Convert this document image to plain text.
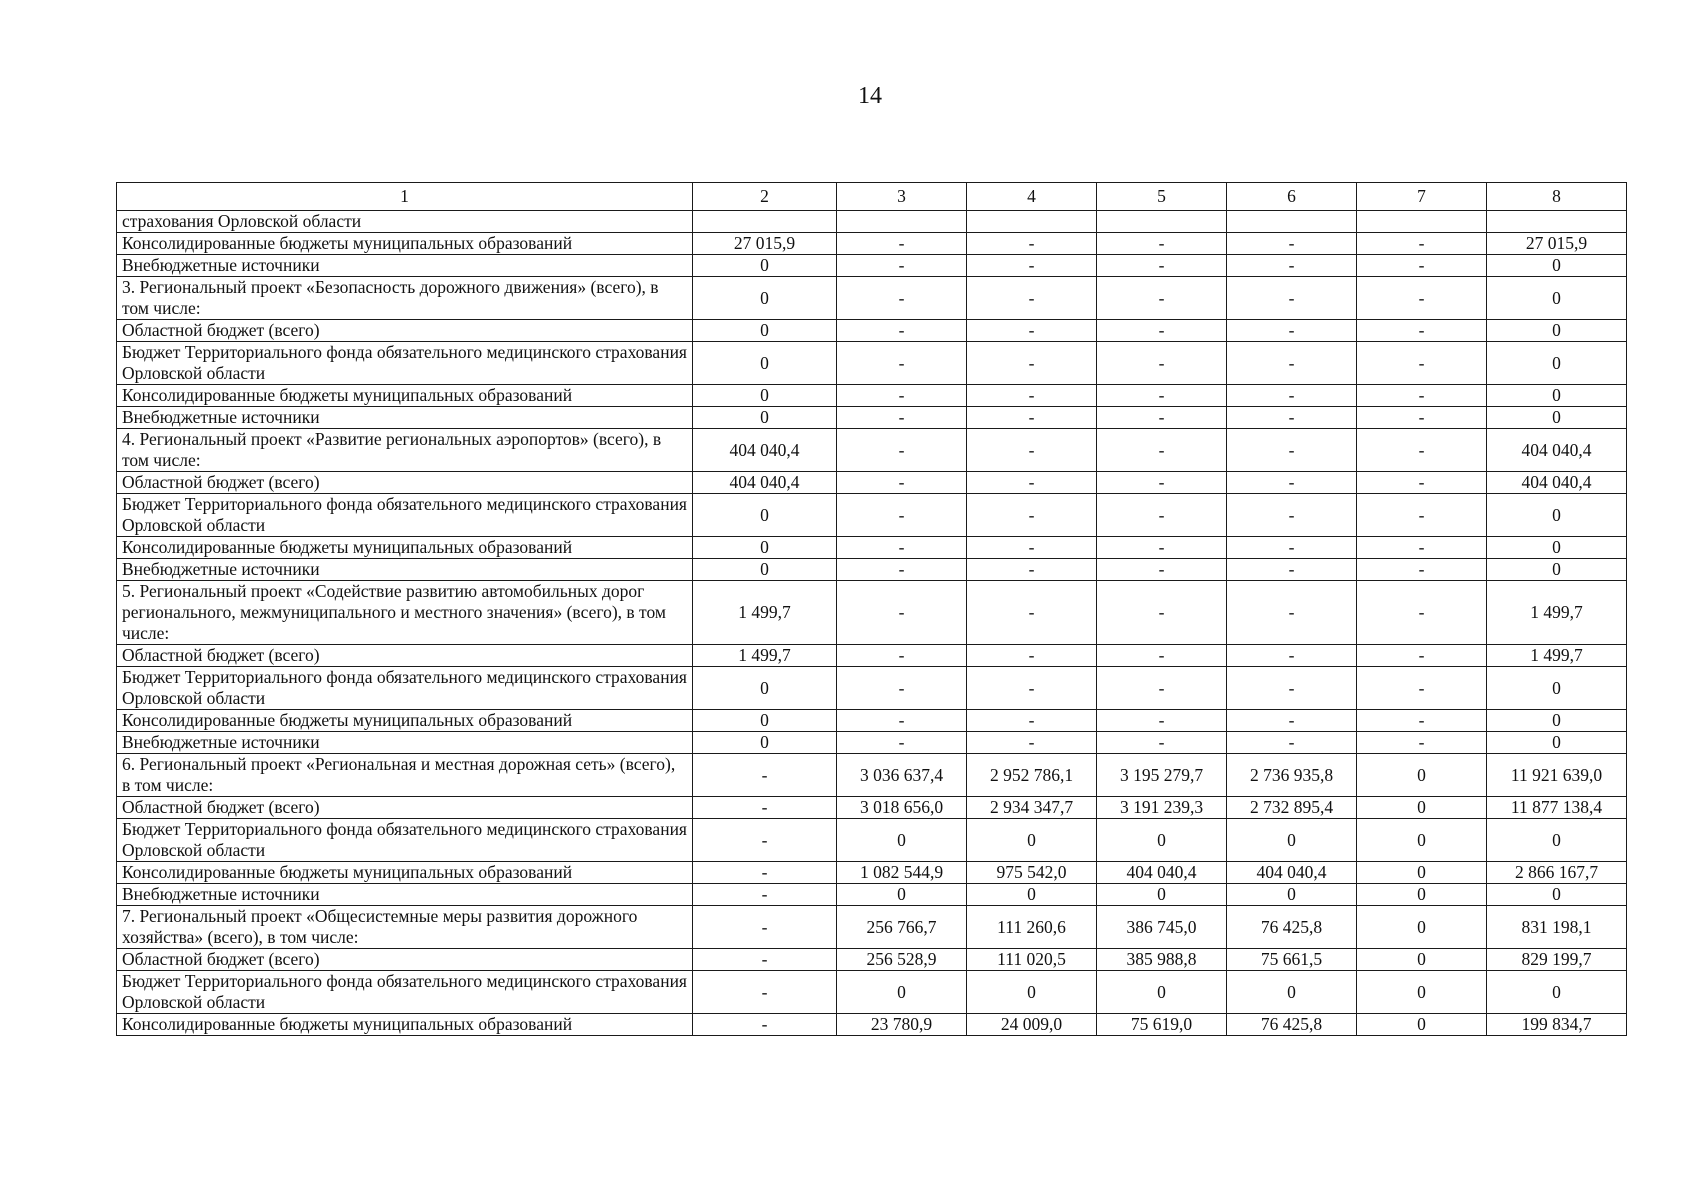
14
1	2	3	4	5	6	7	8
страхования Орловской области							
Консолидированные бюджеты муниципальных образований	27 015,9	-	-	-	-	-	27 015,9
Внебюджетные источники	0	-	-	-	-	-	0
3. Региональный проект «Безопасность дорожного движения» (всего), в том числе:	0	-	-	-	-	-	0
Областной бюджет (всего)	0	-	-	-	-	-	0
Бюджет Территориального фонда обязательного медицинского страхования Орловской области	0	-	-	-	-	-	0
Консолидированные бюджеты муниципальных образований	0	-	-	-	-	-	0
Внебюджетные источники	0	-	-	-	-	-	0
4. Региональный проект «Развитие региональных аэропортов» (всего), в том числе:	404 040,4	-	-	-	-	-	404 040,4
Областной бюджет (всего)	404 040,4	-	-	-	-	-	404 040,4
Бюджет Территориального фонда обязательного медицинского страхования Орловской области	0	-	-	-	-	-	0
Консолидированные бюджеты муниципальных образований	0	-	-	-	-	-	0
Внебюджетные источники	0	-	-	-	-	-	0
5. Региональный проект «Содействие развитию автомобильных дорог регионального, межмуниципального и местного значения» (всего), в том числе:	1 499,7	-	-	-	-	-	1 499,7
Областной бюджет (всего)	1 499,7	-	-	-	-	-	1 499,7
Бюджет Территориального фонда обязательного медицинского страхования Орловской области	0	-	-	-	-	-	0
Консолидированные бюджеты муниципальных образований	0	-	-	-	-	-	0
Внебюджетные источники	0	-	-	-	-	-	0
6. Региональный проект «Региональная и местная дорожная сеть» (всего), в том числе:	-	3 036 637,4	2 952 786,1	3 195 279,7	2 736 935,8	0	11 921 639,0
Областной бюджет (всего)	-	3 018 656,0	2 934 347,7	3 191 239,3	2 732 895,4	0	11 877 138,4
Бюджет Территориального фонда обязательного медицинского страхования Орловской области	-	0	0	0	0	0	0
Консолидированные бюджеты муниципальных образований	-	1 082 544,9	975 542,0	404 040,4	404 040,4	0	2 866 167,7
Внебюджетные источники	-	0	0	0	0	0	0
7. Региональный проект «Общесистемные меры развития дорожного хозяйства» (всего), в том числе:	-	256 766,7	111 260,6	386 745,0	76 425,8	0	831 198,1
Областной бюджет (всего)	-	256 528,9	111 020,5	385 988,8	75 661,5	0	829 199,7
Бюджет Территориального фонда обязательного медицинского страхования Орловской области	-	0	0	0	0	0	0
Консолидированные бюджеты муниципальных образований	-	23 780,9	24 009,0	75 619,0	76 425,8	0	199 834,7
